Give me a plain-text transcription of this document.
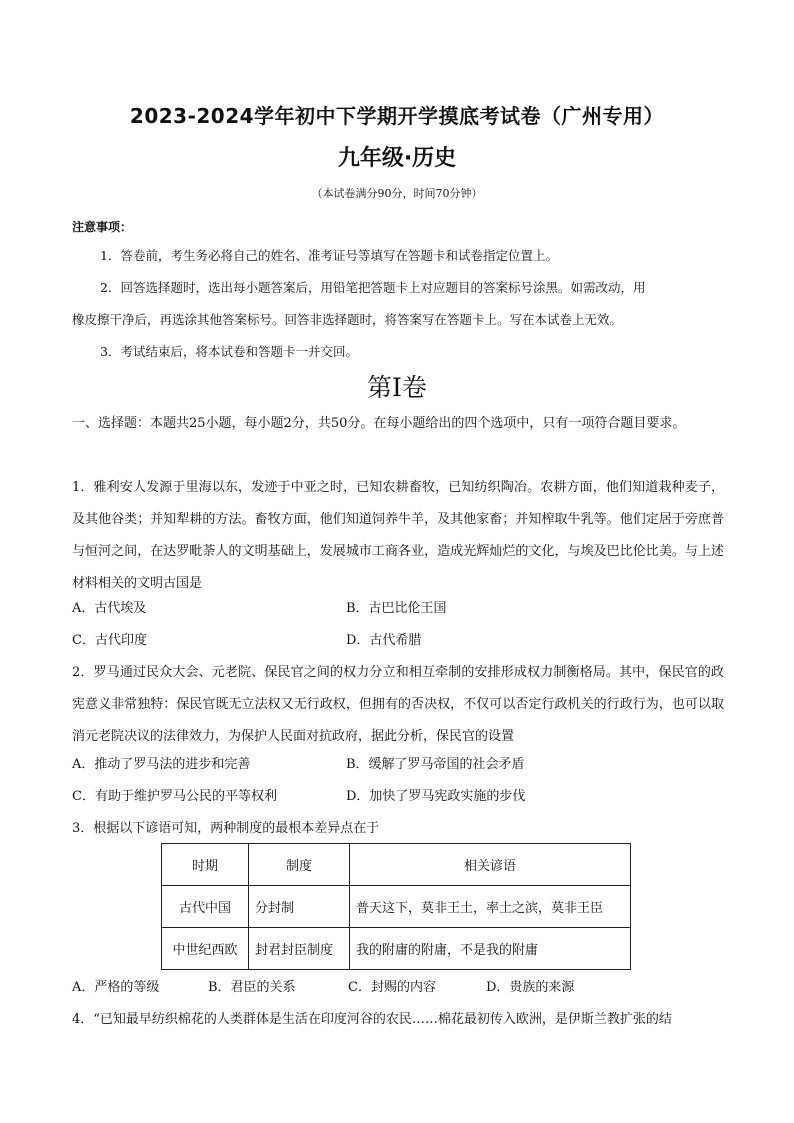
2023-2024学年初中下学期开学摸底考试卷（广州专用）
九年级·历史
（本试卷满分90分，时间70分钟）
注意事项：
1．答卷前，考生务必将自己的姓名、准考证号等填写在答题卡和试卷指定位置上。
2．回答选择题时，选出每小题答案后，用铅笔把答题卡上对应题目的答案标号涂黑。如需改动，用
橡皮擦干净后，再选涂其他答案标号。回答非选择题时，将答案写在答题卡上。写在本试卷上无效。
3．考试结束后，将本试卷和答题卡一并交回。
第Ⅰ卷
一、选择题：本题共25小题，每小题2分，共50分。在每小题给出的四个选项中，只有一项符合题目要求。
1．雅利安人发源于里海以东，发迹于中亚之时，已知农耕畜牧，已知纺织陶冶。农耕方面，他们知道栽种麦子，及其他谷类；并知犁耕的方法。畜牧方面，他们知道饲养牛羊，及其他家畜；并知榨取牛乳等。他们定居于旁庶普与恒河之间，在达罗毗荼人的文明基础上，发展城市工商各业，造成光辉灿烂的文化，与埃及巴比伦比美。与上述材料相关的文明古国是
A．古代埃及	B．古巴比伦王国
C．古代印度	D．古代希腊
2．罗马通过民众大会、元老院、保民官之间的权力分立和相互牵制的安排形成权力制衡格局。其中，保民官的政宪意义非常独特：保民官既无立法权又无行政权，但拥有的否决权，不仅可以否定行政机关的行政行为，也可以取消元老院决议的法律效力，为保护人民面对抗政府，据此分析，保民官的设置
A．推动了罗马法的进步和完善	B．缓解了罗马帝国的社会矛盾
C．有助于维护罗马公民的平等权利	D．加快了罗马宪政实施的步伐
3．根据以下谚语可知，两种制度的最根本差异点在于
时期	制度	相关谚语
古代中国	分封制	普天这下，莫非王土，率土之滨，莫非王臣
中世纪西欧	封君封臣制度	我的附庸的附庸，不是我的附庸
A．严格的等级	B．君臣的关系	C．封赐的内容	D．贵族的来源
4．“已知最早纺织棉花的人类群体是生活在印度河谷的农民……棉花最初传入欧洲，是伊斯兰教扩张的结
